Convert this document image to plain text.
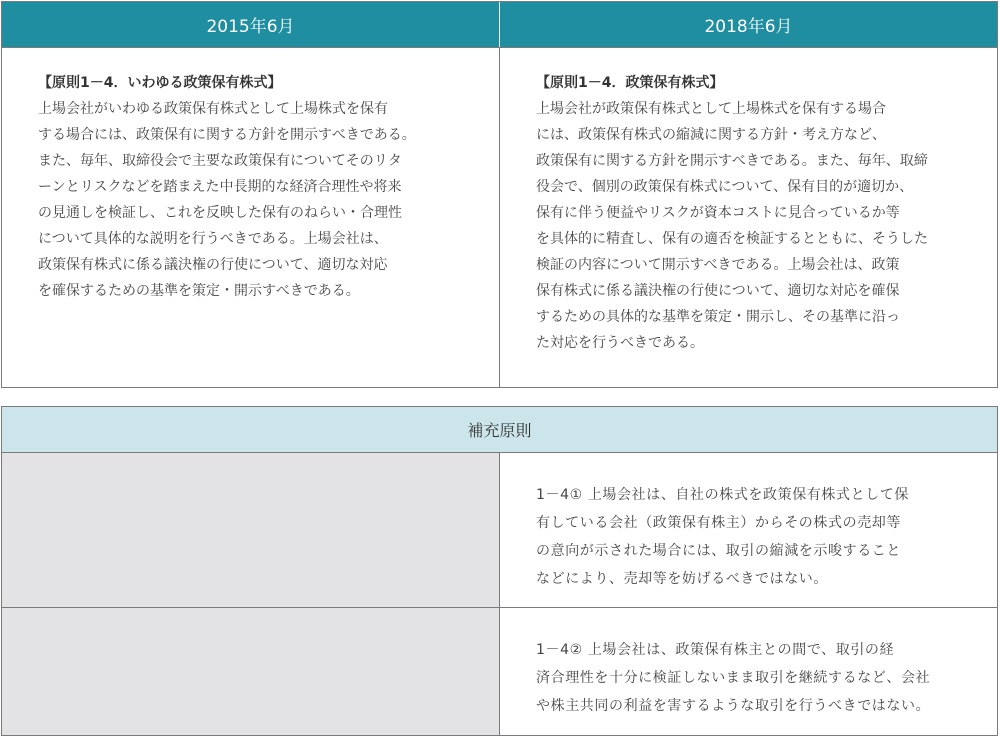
2015年6月	2018年6月
【原則1－4．いわゆる政策保有株式】
上場会社がいわゆる政策保有株式として上場株式を保有
する場合には、政策保有に関する方針を開示すべきである。
また、毎年、取締役会で主要な政策保有についてそのリタ
ーンとリスクなどを踏まえた中長期的な経済合理性や将来
の見通しを検証し、これを反映した保有のねらい・合理性
について具体的な説明を行うべきである。上場会社は、
政策保有株式に係る議決権の行使について、適切な対応
を確保するための基準を策定・開示すべきである。
【原則1－4．政策保有株式】
上場会社が政策保有株式として上場株式を保有する場合
には、政策保有株式の縮減に関する方針・考え方など、
政策保有に関する方針を開示すべきである。また、毎年、取締
役会で、個別の政策保有株式について、保有目的が適切か、
保有に伴う便益やリスクが資本コストに見合っているか等
を具体的に精査し、保有の適否を検証するとともに、そうした
検証の内容について開示すべきである。上場会社は、政策
保有株式に係る議決権の行使について、適切な対応を確保
するための具体的な基準を策定・開示し、その基準に沿っ
た対応を行うべきである。
補充原則
1－4① 上場会社は、自社の株式を政策保有株式として保
有している会社（政策保有株主）からその株式の売却等
の意向が示された場合には、取引の縮減を示唆すること
などにより、売却等を妨げるべきではない。
1－4② 上場会社は、政策保有株主との間で、取引の経
済合理性を十分に検証しないまま取引を継続するなど、会社
や株主共同の利益を害するような取引を行うべきではない。
